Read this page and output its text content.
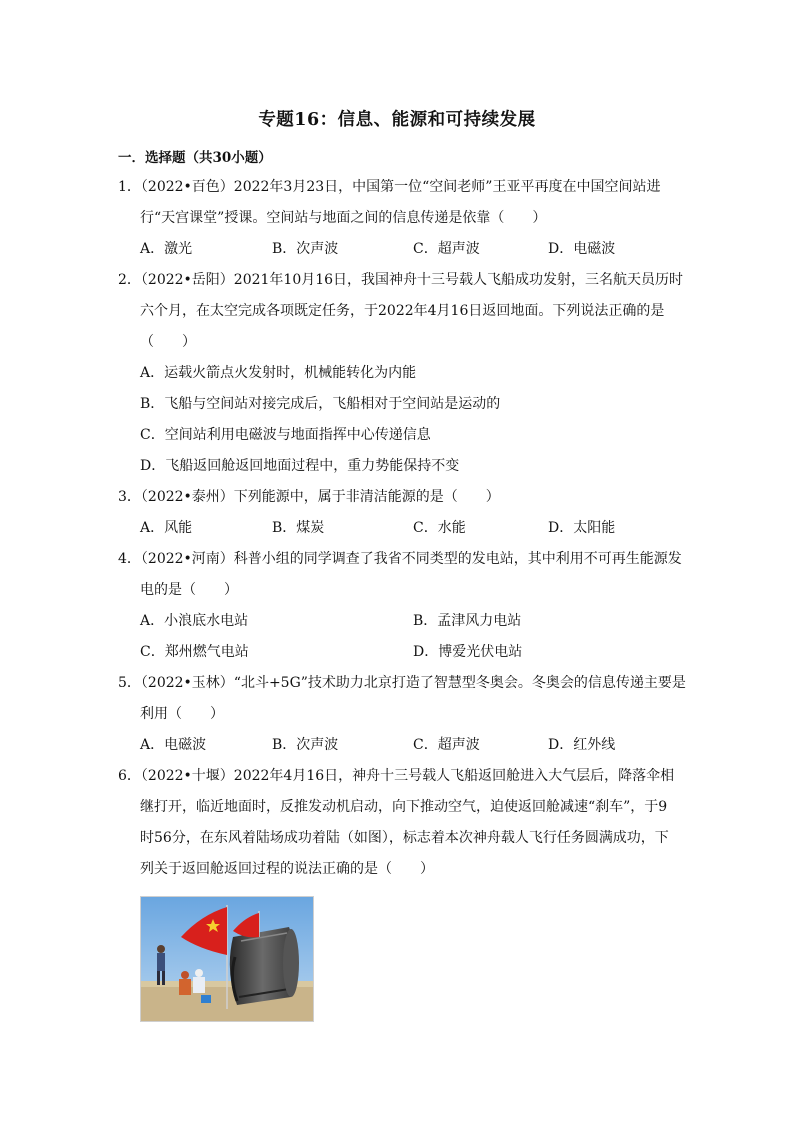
专题16：信息、能源和可持续发展
一．选择题（共30小题）
1．（2022•百色）2022年3月23日，中国第一位“空间老师”王亚平再度在中国空间站进
行“天宫课堂”授课。空间站与地面之间的信息传递是依靠（　　）
A．激光	B．次声波	C．超声波	D．电磁波
2．（2022•岳阳）2021年10月16日，我国神舟十三号载人飞船成功发射，三名航天员历时
六个月，在太空完成各项既定任务，于2022年4月16日返回地面。下列说法正确的是
（　　）
A．运载火箭点火发射时，机械能转化为内能
B．飞船与空间站对接完成后，飞船相对于空间站是运动的
C．空间站利用电磁波与地面指挥中心传递信息
D．飞船返回舱返回地面过程中，重力势能保持不变
3．（2022•泰州）下列能源中，属于非清洁能源的是（　　）
A．风能	B．煤炭	C．水能	D．太阳能
4．（2022•河南）科普小组的同学调查了我省不同类型的发电站，其中利用不可再生能源发
电的是（　　）
A．小浪底水电站	B．孟津风力电站
C．郑州燃气电站	D．博爱光伏电站
5．（2022•玉林）“北斗+5G”技术助力北京打造了智慧型冬奥会。冬奥会的信息传递主要是
利用（　　）
A．电磁波	B．次声波	C．超声波	D．红外线
6．（2022•十堰）2022年4月16日，神舟十三号载人飞船返回舱进入大气层后，降落伞相
继打开，临近地面时，反推发动机启动，向下推动空气，迫使返回舱减速“刹车”，于9
时56分，在东风着陆场成功着陆（如图），标志着本次神舟载人飞行任务圆满成功，下
列关于返回舱返回过程的说法正确的是（　　）
